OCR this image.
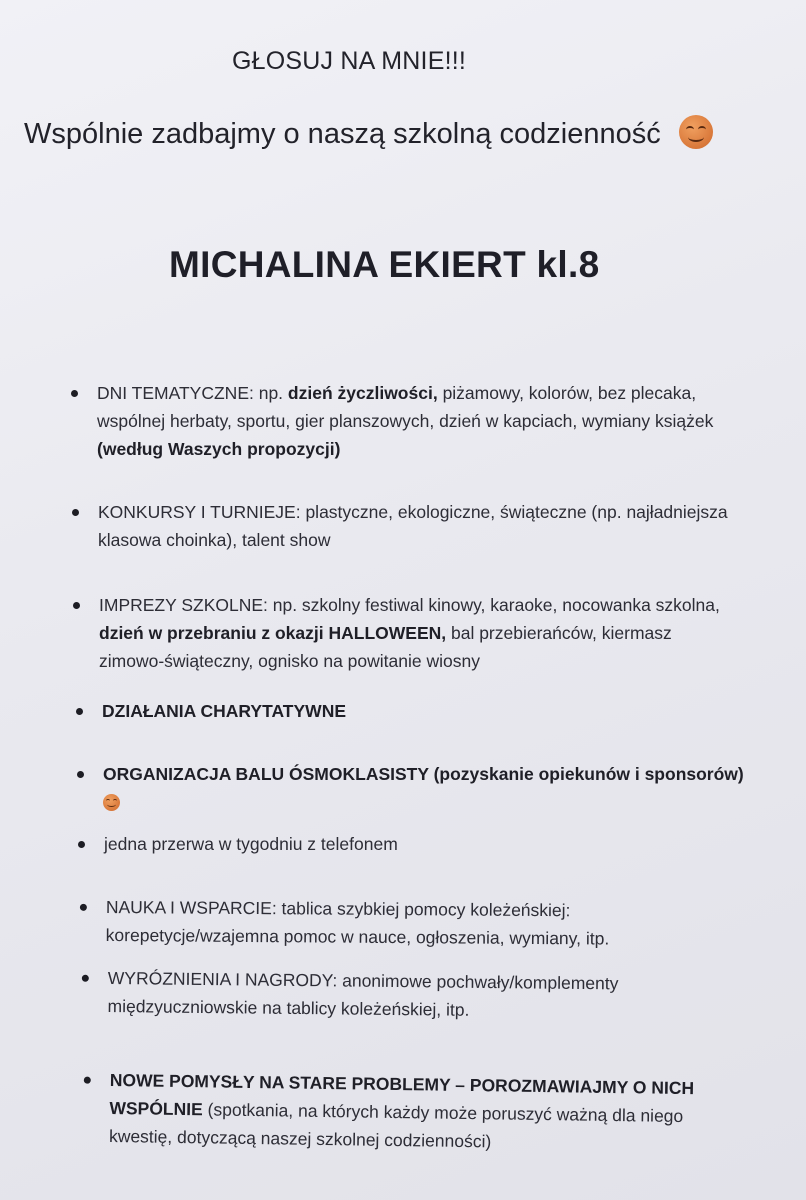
GŁOSUJ NA MNIE!!!
Wspólnie zadbajmy o naszą szkolną codzienność
MICHALINA EKIERT kl.8
DNI TEMATYCZNE: np. dzień życzliwości, piżamowy, kolorów, bez plecaka,
wspólnej herbaty, sportu, gier planszowych, dzień w kapciach, wymiany książek
(według Waszych propozycji)
KONKURSY I TURNIEJE: plastyczne, ekologiczne, świąteczne (np. najładniejsza
klasowa choinka), talent show
IMPREZY SZKOLNE: np. szkolny festiwal kinowy, karaoke, nocowanka szkolna,
dzień w przebraniu z okazji HALLOWEEN, bal przebierańców, kiermasz
zimowo-świąteczny, ognisko na powitanie wiosny
DZIAŁANIA CHARYTATYWNE
ORGANIZACJA BALU ÓSMOKLASISTY (pozyskanie opiekunów i sponsorów)
jedna przerwa w tygodniu z telefonem
NAUKA I WSPARCIE: tablica szybkiej pomocy koleżeńskiej:
korepetycje/wzajemna pomoc w nauce, ogłoszenia, wymiany, itp.
WYRÓZNIENIA I NAGRODY: anonimowe pochwały/komplementy
międzyuczniowskie na tablicy koleżeńskiej, itp.
NOWE POMYSŁY NA STARE PROBLEMY – POROZMAWIAJMY O NICH
WSPÓLNIE (spotkania, na których każdy może poruszyć ważną dla niego
kwestię, dotyczącą naszej szkolnej codzienności)
